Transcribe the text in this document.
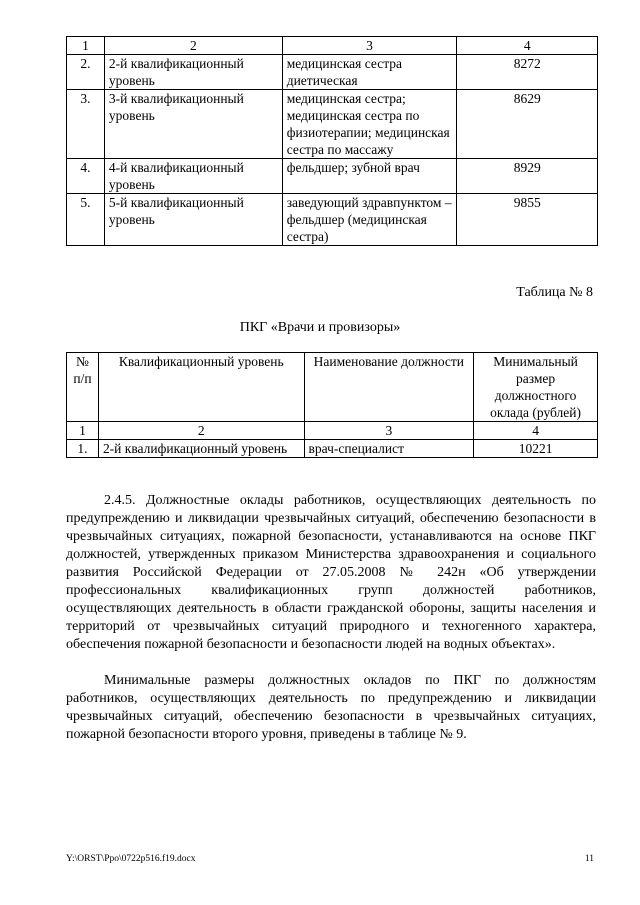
1	2	3	4
2.	2-й квалификационный уровень	медицинская сестра диетическая	8272
3.	3-й квалификационный уровень	медицинская сестра; медицинская сестра по физиотерапии; медицинская сестра по массажу	8629
4.	4-й квалификационный уровень	фельдшер; зубной врач	8929
5.	5-й квалификационный уровень	заведующий здравпунктом – фельдшер (медицинская сестра)	9855
Таблица № 8
ПКГ «Врачи и провизоры»
№ п/п	Квалификационный уровень	Наименование должности	Минимальный размер должностного оклада (рублей)
1	2	3	4
1.	2-й квалификационный уровень	врач-специалист	10221

2.4.5. Должностные оклады работников, осуществляющих деятельность по предупреждению и ликвидации чрезвычайных ситуаций, обеспечению безопасности в чрезвычайных ситуациях, пожарной безопасности, устанавливаются на основе ПКГ должностей, утвержденных приказом Министерства здравоохранения и социального развития Российской Федерации от 27.05.2008 № 242н «Об утверждении профессиональных квалификационных групп должностей работников, осуществляющих деятельность в области гражданской обороны, защиты населения и территорий от чрезвычайных ситуаций природного и техногенного характера, обеспечения пожарной безопасности и безопасности людей на водных объектах».

Минимальные размеры должностных окладов по ПКГ по должностям работников, осуществляющих деятельность по предупреждению и ликвидации чрезвычайных ситуаций, обеспечению безопасности в чрезвычайных ситуациях, пожарной безопасности второго уровня, приведены в таблице № 9.

Y:\ORST\Ppo\0722p516.f19.docx	11
